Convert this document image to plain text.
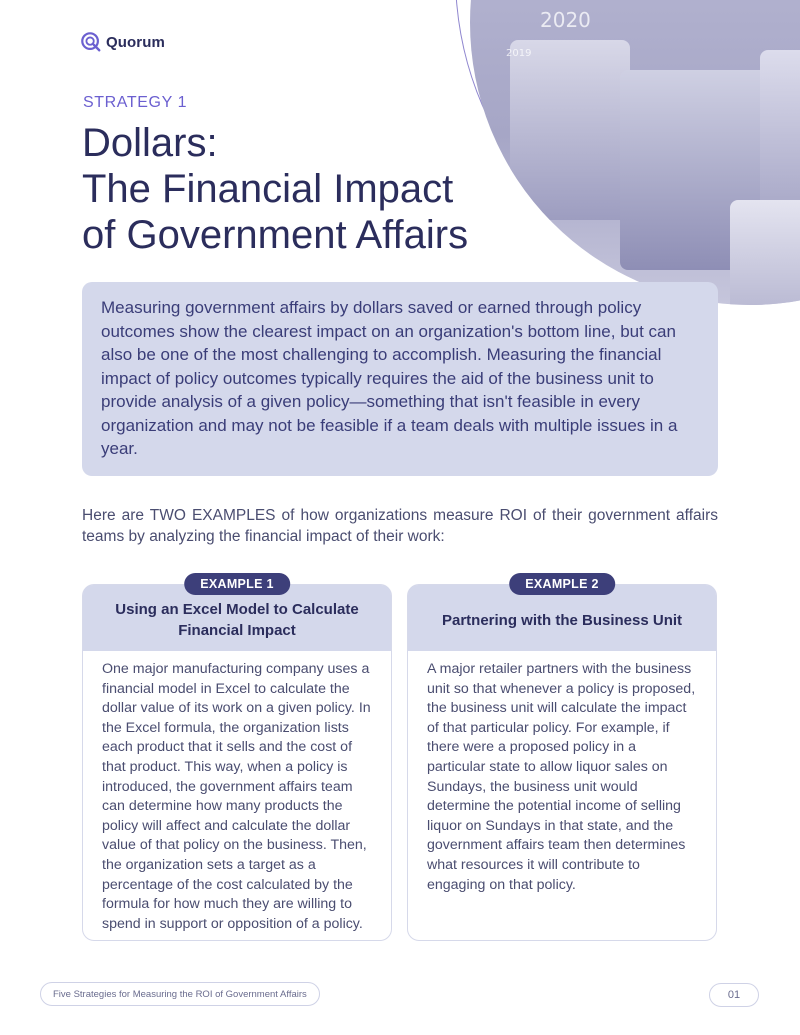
2020
2019
Quorum
STRATEGY 1
Dollars:
The Financial Impact
of Government Affairs

Measuring government affairs by dollars saved or earned through policy outcomes show the clearest impact on an organization's bottom line, but can also be one of the most challenging to accomplish. Measuring the financial impact of policy outcomes typically requires the aid of the business unit to provide analysis of a given policy—something that isn't feasible in every organization and may not be feasible if a team deals with multiple issues in a year.

Here are TWO EXAMPLES of how organizations measure ROI of their government affairs teams by analyzing the financial impact of their work:

EXAMPLE 1
Using an Excel Model to Calculate Financial Impact

One major manufacturing company uses a financial model in Excel to calculate the dollar value of its work on a given policy. In the Excel formula, the organization lists each product that it sells and the cost of that product. This way, when a policy is introduced, the government affairs team can determine how many products the policy will affect and calculate the dollar value of that policy on the business. Then, the organization sets a target as a percentage of the cost calculated by the formula for how much they are willing to spend in support or opposition of a policy.

EXAMPLE 2
Partnering with the Business Unit

A major retailer partners with the business unit so that whenever a policy is proposed, the business unit will calculate the impact of that particular policy. For example, if there were a proposed policy in a particular state to allow liquor sales on Sundays, the business unit would determine the potential income of selling liquor on Sundays in that state, and the government affairs team then determines what resources it will contribute to engaging on that policy.

Five Strategies for Measuring the ROI of Government Affairs	01
